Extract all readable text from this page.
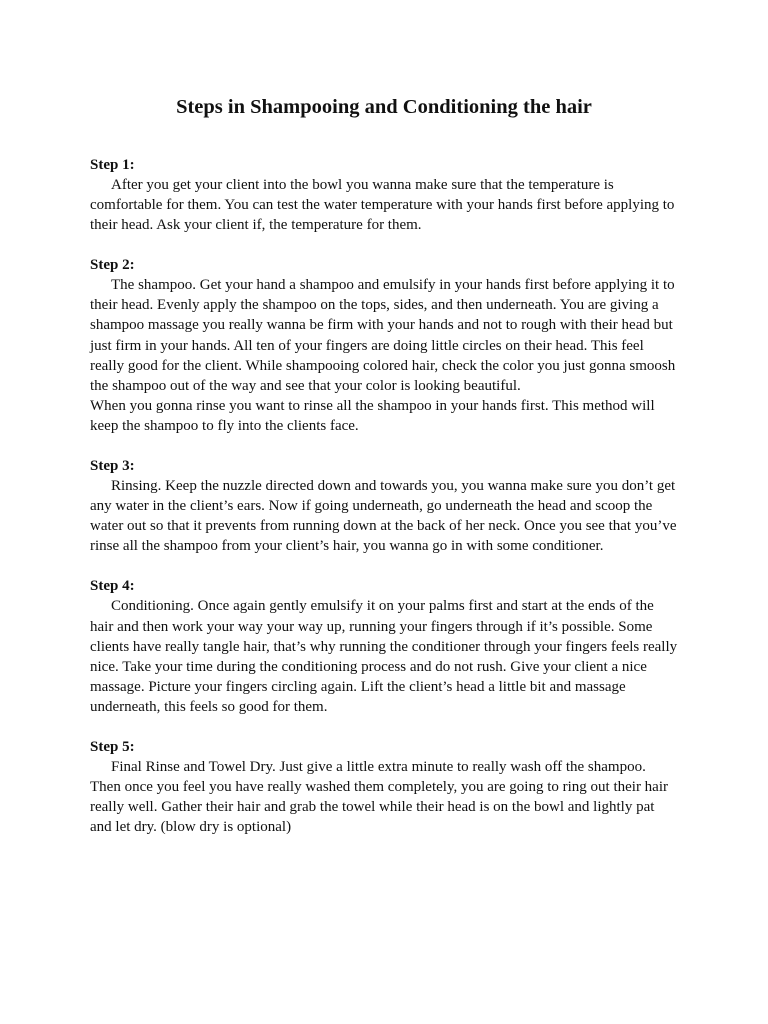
Steps in Shampooing and Conditioning the hair

Step 1:

After you get your client into the bowl you wanna make sure that the temperature is comfortable for them. You can test the water temperature with your hands first before applying to their head. Ask your client if, the temperature for them.

Step 2:

The shampoo. Get your hand a shampoo and emulsify in your hands first before applying it to their head. Evenly apply the shampoo on the tops, sides, and then underneath. You are giving a shampoo massage you really wanna be firm with your hands and not to rough with their head but just firm in your hands. All ten of your fingers are doing little circles on their head. This feel really good for the client. While shampooing colored hair, check the color you just gonna smoosh the shampoo out of the way and see that your color is looking beautiful.

When you gonna rinse you want to rinse all the shampoo in your hands first. This method will keep the shampoo to fly into the clients face.

Step 3:

Rinsing. Keep the nuzzle directed down and towards you, you wanna make sure you don’t get any water in the client’s ears. Now if going underneath, go underneath the head and scoop the water out so that it prevents from running down at the back of her neck. Once you see that you’ve rinse all the shampoo from your client’s hair, you wanna go in with some conditioner.

Step 4:

Conditioning. Once again gently emulsify it on your palms first and start at the ends of the hair and then work your way your way up, running your fingers through if it’s possible. Some clients have really tangle hair, that’s why running the conditioner through your fingers feels really nice. Take your time during the conditioning process and do not rush. Give your client a nice massage. Picture your fingers circling again. Lift the client’s head a little bit and massage underneath, this feels so good for them.

Step 5:

Final Rinse and Towel Dry. Just give a little extra minute to really wash off the shampoo. Then once you feel you have really washed them completely, you are going to ring out their hair really well. Gather their hair and grab the towel while their head is on the bowl and lightly pat and let dry. (blow dry is optional)
